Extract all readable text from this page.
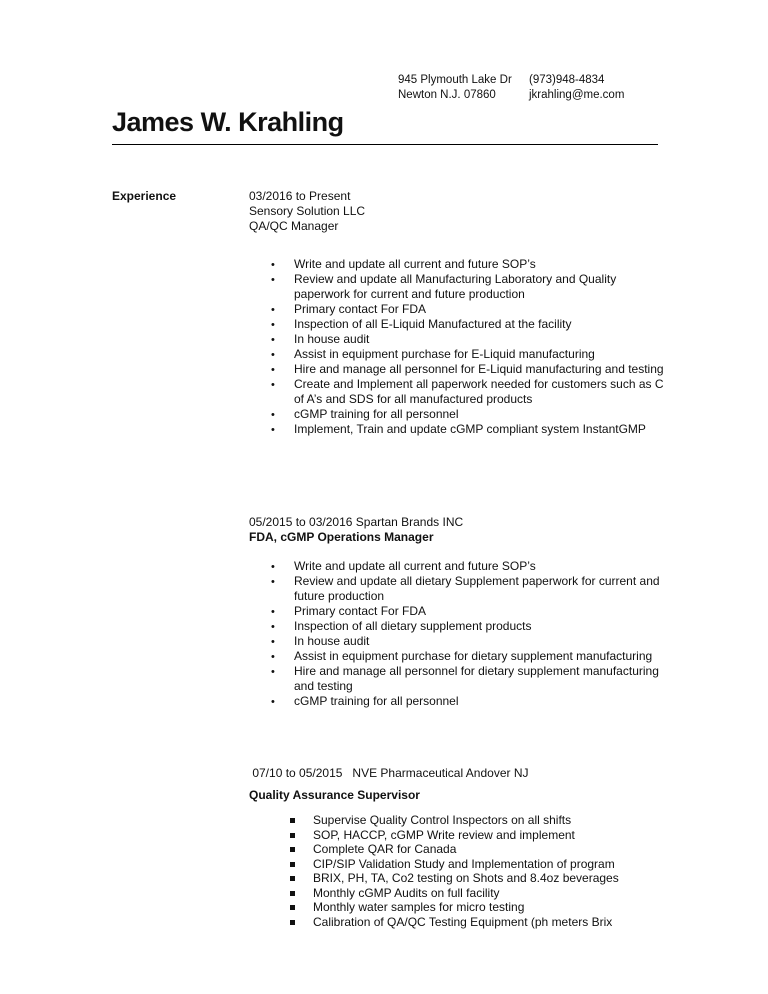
945 Plymouth Lake Dr
Newton N.J. 07860
(973)948-4834
jkrahling@me.com
James W. Krahling
Experience	03/2016 to Present
Sensory Solution LLC
QA/QC Manager
•
Write and update all current and future SOP’s
•
Review and update all Manufacturing Laboratory and Quality paperwork for current and future production
•
Primary contact For FDA
•
Inspection of all E-Liquid Manufactured at the facility
•
In house audit
•
Assist in equipment purchase for E-Liquid manufacturing
•
Hire and manage all personnel for E-Liquid manufacturing and testing
•
Create and Implement all paperwork needed for customers such as C of A’s and SDS for all manufactured products
•
cGMP training for all personnel
•
Implement, Train and update cGMP compliant system InstantGMP
05/2015 to 03/2016 Spartan Brands INC
FDA, cGMP Operations Manager
•
Write and update all current and future SOP’s
•
Review and update all dietary Supplement paperwork for current and future production
•
Primary contact For FDA
•
Inspection of all dietary supplement products
•
In house audit
•
Assist in equipment purchase for dietary supplement manufacturing
•
Hire and manage all personnel for dietary supplement manufacturing and testing
•
cGMP training for all personnel
07/10 to 05/2015   NVE Pharmaceutical Andover NJ
Quality Assurance Supervisor
Supervise Quality Control Inspectors on all shifts
SOP, HACCP, cGMP Write review and implement
Complete QAR for Canada
CIP/SIP Validation Study and Implementation of program
BRIX, PH, TA, Co2 testing on Shots and 8.4oz beverages
Monthly cGMP Audits on full facility
Monthly water samples for micro testing
Calibration of QA/QC Testing Equipment (ph meters Brix
